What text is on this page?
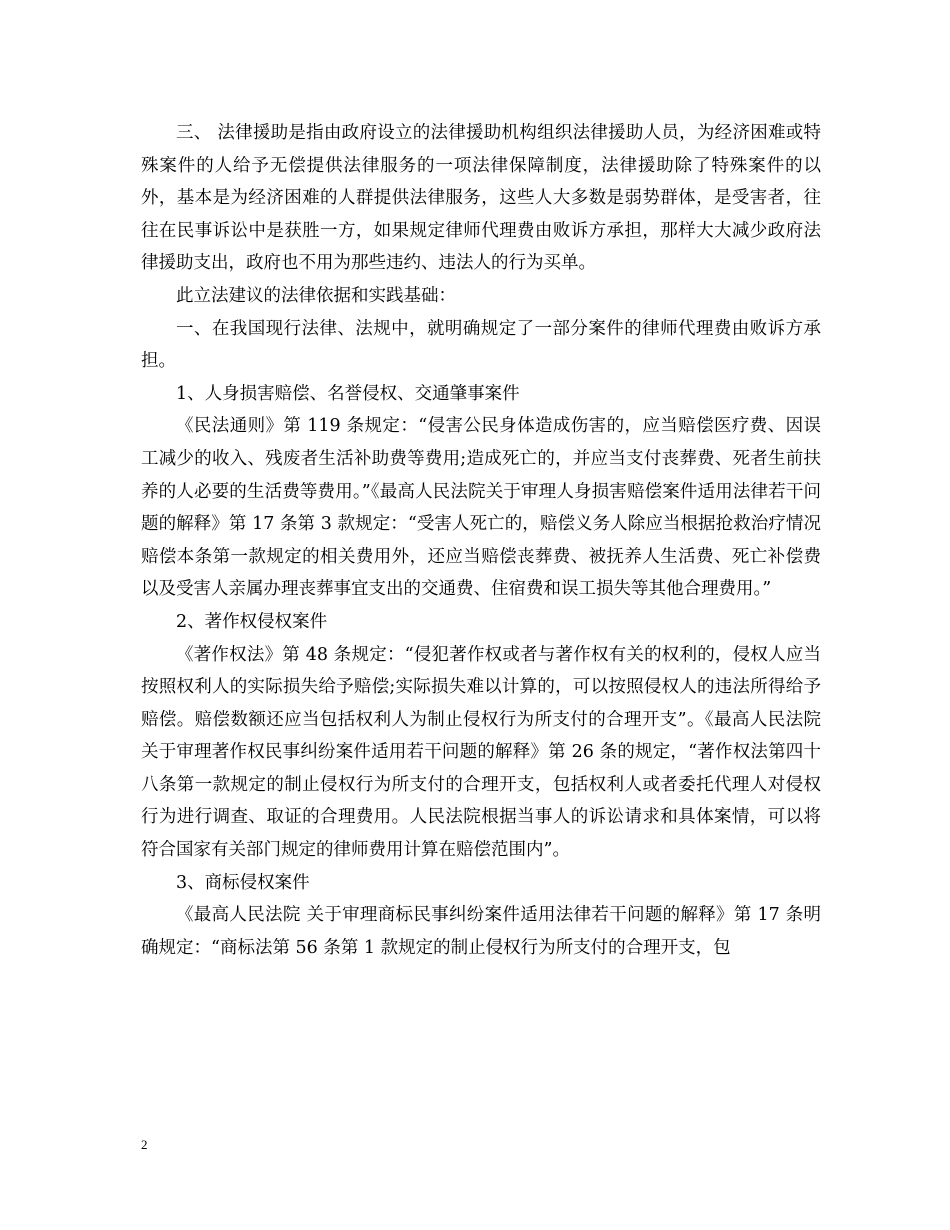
三、 法律援助是指由政府设立的法律援助机构组织法律援助人员，为经济困难或特殊案件的人给予无偿提供法律服务的一项法律保障制度，法律援助除了特殊案件的以外，基本是为经济困难的人群提供法律服务，这些人大多数是弱势群体，是受害者，往往在民事诉讼中是获胜一方，如果规定律师代理费由败诉方承担，那样大大减少政府法律援助支出，政府也不用为那些违约、违法人的行为买单。

此立法建议的法律依据和实践基础：

一、在我国现行法律、法规中，就明确规定了一部分案件的律师代理费由败诉方承担。

1、人身损害赔偿、名誉侵权、交通肇事案件

《民法通则》第 119 条规定：“侵害公民身体造成伤害的，应当赔偿医疗费、因误工减少的收入、残废者生活补助费等费用;造成死亡的，并应当支付丧葬费、死者生前扶养的人必要的生活费等费用。”《最高人民法院关于审理人身损害赔偿案件适用法律若干问题的解释》第 17 条第 3 款规定：“受害人死亡的，赔偿义务人除应当根据抢救治疗情况赔偿本条第一款规定的相关费用外，还应当赔偿丧葬费、被抚养人生活费、死亡补偿费以及受害人亲属办理丧葬事宜支出的交通费、住宿费和误工损失等其他合理费用。”

2、著作权侵权案件

《著作权法》第 48 条规定：“侵犯著作权或者与著作权有关的权利的，侵权人应当按照权利人的实际损失给予赔偿;实际损失难以计算的，可以按照侵权人的违法所得给予赔偿。赔偿数额还应当包括权利人为制止侵权行为所支付的合理开支”。《最高人民法院关于审理著作权民事纠纷案件适用若干问题的解释》第 26 条的规定，“著作权法第四十八条第一款规定的制止侵权行为所支付的合理开支，包括权利人或者委托代理人对侵权行为进行调查、取证的合理费用。人民法院根据当事人的诉讼请求和具体案情，可以将符合国家有关部门规定的律师费用计算在赔偿范围内”。

3、商标侵权案件

《最高人民法院 关于审理商标民事纠纷案件适用法律若干问题的解释》第 17 条明确规定：“商标法第 56 条第 1 款规定的制止侵权行为所支付的合理开支，包

2
